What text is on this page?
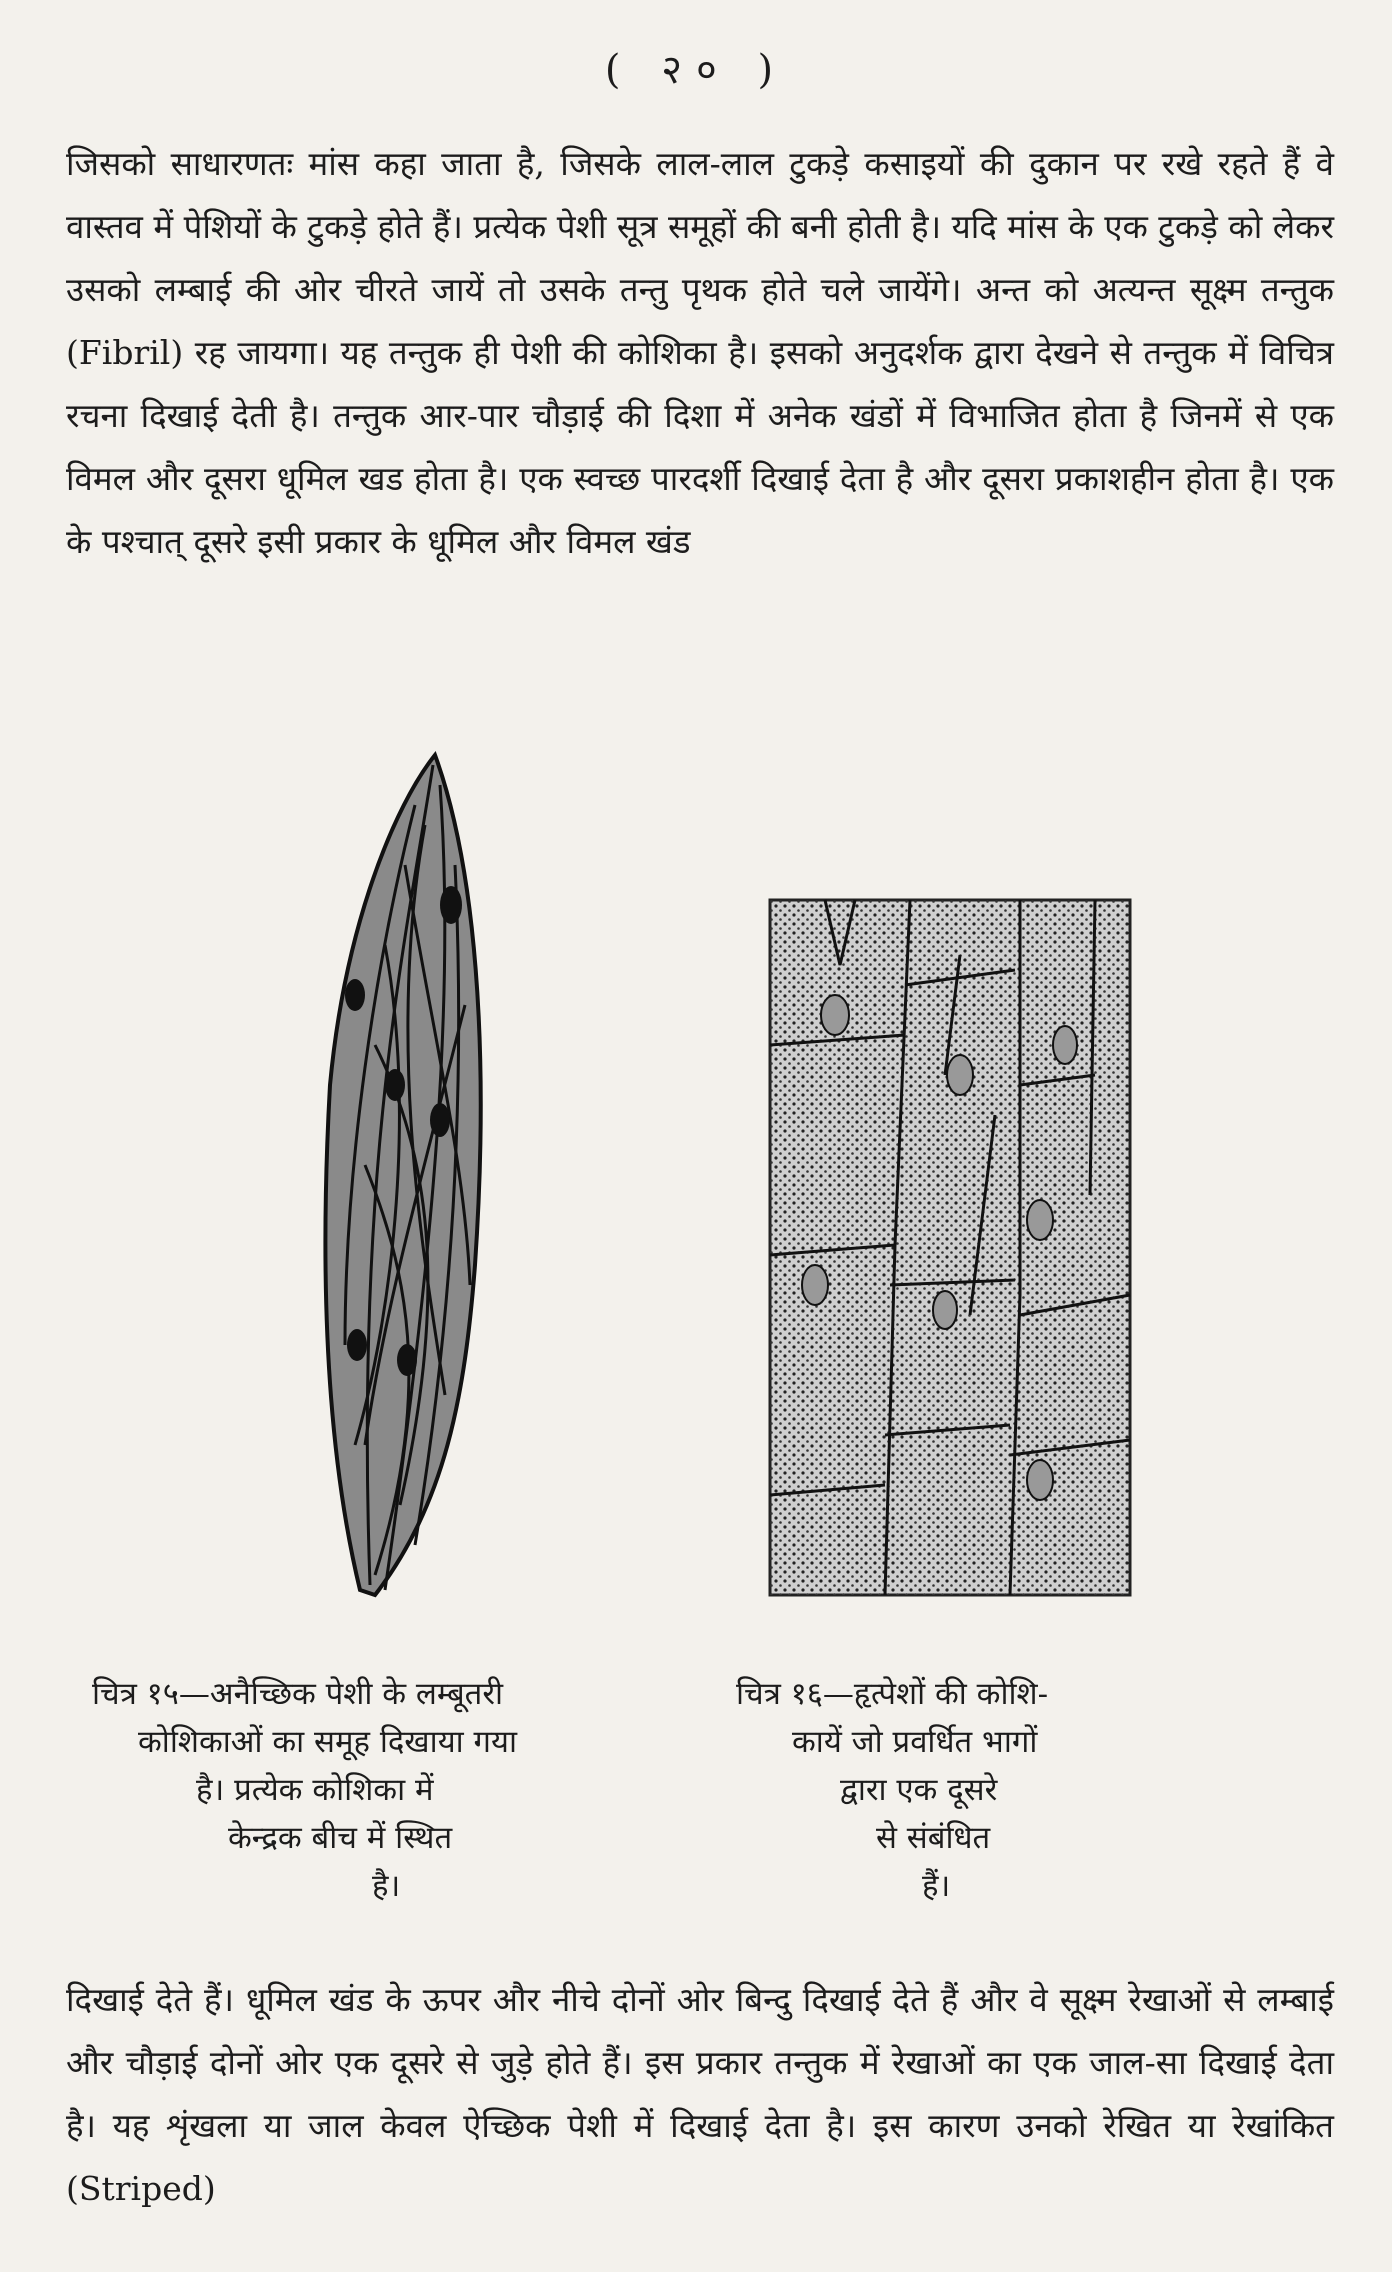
( २० )

जिसको साधारणतः मांस कहा जाता है, जिसके लाल-लाल टुकड़े कसाइयों की दुकान पर रखे रहते हैं वे वास्तव में पेशियों के टुकड़े होते हैं। प्रत्येक पेशी सूत्र समूहों की बनी होती है। यदि मांस के एक टुकड़े को लेकर उसको लम्बाई की ओर चीरते जायें तो उसके तन्तु पृथक होते चले जायेंगे। अन्त को अत्यन्त सूक्ष्म तन्तुक (Fibril) रह जायगा। यह तन्तुक ही पेशी की कोशिका है। इसको अनुदर्शक द्वारा देखने से तन्तुक में विचित्र रचना दिखाई देती है। तन्तुक आर-पार चौड़ाई की दिशा में अनेक खंडों में विभाजित होता है जिनमें से एक विमल और दूसरा धूमिल खड होता है। एक स्वच्छ पारदर्शी दिखाई देता है और दूसरा प्रकाशहीन होता है। एक के पश्चात् दूसरे इसी प्रकार के धूमिल और विमल खंड

चित्र १५—अनैच्छिक पेशी के लम्बूतरी
कोशिकाओं का समूह दिखाया गया
है। प्रत्येक कोशिका में
केन्द्रक बीच में स्थित
है।

चित्र १६—हृत्पेशों की कोशि-
कायें जो प्रवर्धित भागों
द्वारा एक दूसरे
से संबंधित
हैं।

दिखाई देते हैं। धूमिल खंड के ऊपर और नीचे दोनों ओर बिन्दु दिखाई देते हैं और वे सूक्ष्म रेखाओं से लम्बाई और चौड़ाई दोनों ओर एक दूसरे से जुड़े होते हैं। इस प्रकार तन्तुक में रेखाओं का एक जाल-सा दिखाई देता है। यह शृंखला या जाल केवल ऐच्छिक पेशी में दिखाई देता है। इस कारण उनको रेखित या रेखांकित (Striped)
